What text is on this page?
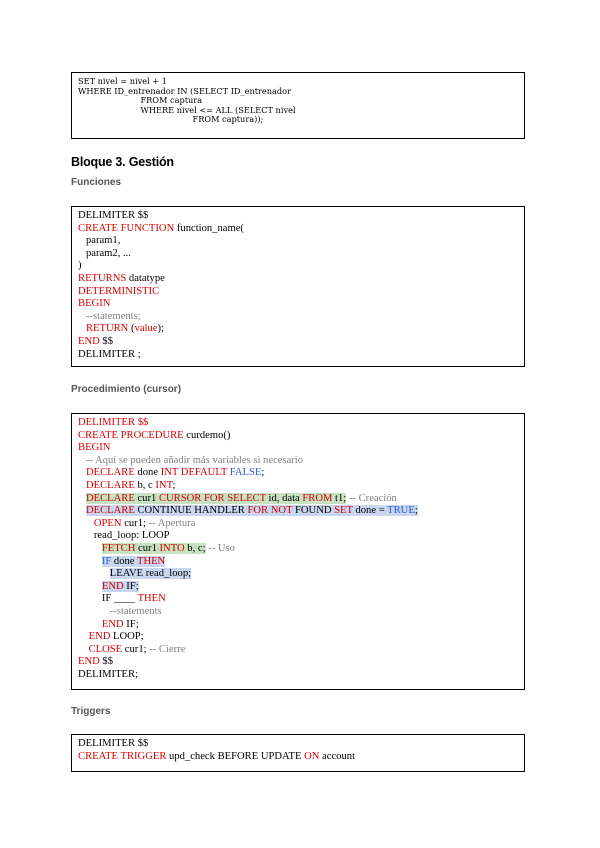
SET nivel = nivel + 1
WHERE ID_entrenador IN (SELECT ID_entrenador
FROM captura
WHERE nivel <= ALL (SELECT nivel
FROM captura));
Bloque 3. Gestión
Funciones
DELIMITER $$
CREATE FUNCTION function_name(
param1,
param2, ...
)
RETURNS datatype
DETERMINISTIC
BEGIN
--statements;
RETURN (value);
END $$
DELIMITER ;
Procedimiento (cursor)
DELIMITER $$
CREATE PROCEDURE curdemo()
BEGIN
-- Aquí se pueden añadir más variables si necesario
DECLARE done INT DEFAULT FALSE;
DECLARE b, c INT;
DECLARE cur1 CURSOR FOR SELECT id, data FROM t1; -- Creación
DECLARE CONTINUE HANDLER FOR NOT FOUND SET done = TRUE;
OPEN cur1; -- Apertura
read_loop: LOOP
FETCH cur1 INTO b, c; -- Uso
IF done THEN
LEAVE read_loop;
END IF;
IF ____ THEN
--statements
END IF;
END LOOP;
CLOSE cur1; -- Cierre
END $$
DELIMITER;
Triggers
DELIMITER $$
CREATE TRIGGER upd_check BEFORE UPDATE ON account
